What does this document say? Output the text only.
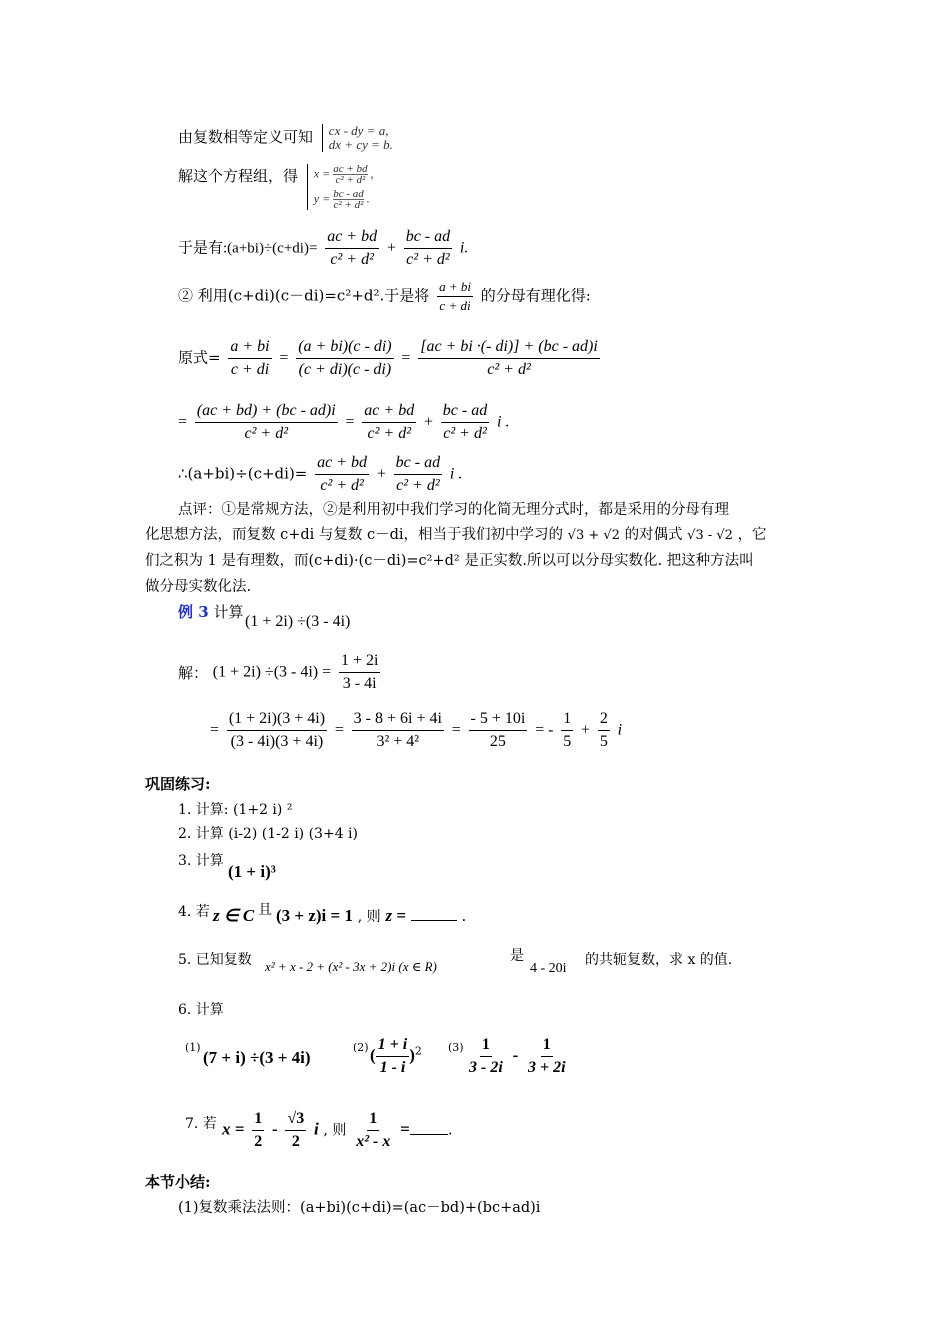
由复数相等定义可知 cx - dy = a,
dx + cy = b.
解这个方程组，得 $x = \frac{ac + bd}{\text{c² + d²}}$ ,
$y = \frac{bc - ad}{\text{c² + d²}}$ .
于是有:(a+bi)÷(c+di)= $\frac{ac + bd}{\text{c² + d²}} + \frac{bc - ad}{\text{c² + d²}} i$.
② 利用(c+di)(c－di)=c²+d².于是将 $\frac{a + bi}{c + di}$ 的分母有理化得:
原式= $\frac{a + bi}{c + di} = \frac{(a + bi)(c - di)}{(c + di)(c - di)} = \frac{[ac + bi \cdot(- di)] + (bc - ad)i}{\text{c² + d²}}$
= $\frac{(ac + bd) + (bc - ad)i}{\text{c² + d²}} = \frac{ac + bd}{\text{c² + d²}} + \frac{bc - ad}{\text{c² + d²}}$ i .
∴(a+bi)÷(c+di)= $\frac{ac + bd}{\text{c² + d²}} + \frac{bc - ad}{\text{c² + d²}}$ i .
点评：①是常规方法，②是利用初中我们学习的化简无理分式时，都是采用的分母有理
化思想方法，而复数 c+di 与复数 c－di，相当于我们初中学习的 √3 + √2 的对偶式 √3 - √2 ，它
们之积为 1 是有理数，而(c+di)·(c－di)=c²+d² 是正实数.所以可以分母实数化. 把这种方法叫
做分母实数化法.
例 3 计算
(1 + 2i) ÷(3 - 4i)
解： $(1 + 2i) \div(3 - 4i) = \frac{1 + 2i}{3 - 4i}$
= $\frac{(1 + 2i)(3 + 4i)}{(3 - 4i)(3 + 4i)} = \frac{3 - 8 + 6i + 4i}{\text{3² + 4²}} = \frac{- 5 + 10i}{25}$ = - $\frac{1}{5} + \frac{2}{5}$ i
巩固练习:
1. 计算: (1+2 i) ²
2. 计算 (i-2) (1-2 i) (3+4 i)
3. 计算
(1 + i)³
4. 若 z ∈ C 且 (3 + z)i = 1 , 则 z =	.
5. 已知复数 x² + x - 2 + (x² - 3x + 2)i (x ∈ R)
是
4 - 20i
的共轭复数，求 x 的值.
6. 计算
(1)
(7 + i) ÷(3 + 4i)
(2) ( $\frac{1 + i}{1 - i} )^2$ $(3) \frac{1}{3 - 2i} - \frac{1}{3 + 2i}$
7. 若 $x = \frac{1}{2} - \frac{√3}{2}$ i , 则 $\frac{1}{\text{x² - x}}$ =	.
本节小结:
(1)复数乘法法则：(a+bi)(c+di)=(ac－bd)+(bc+ad)i
